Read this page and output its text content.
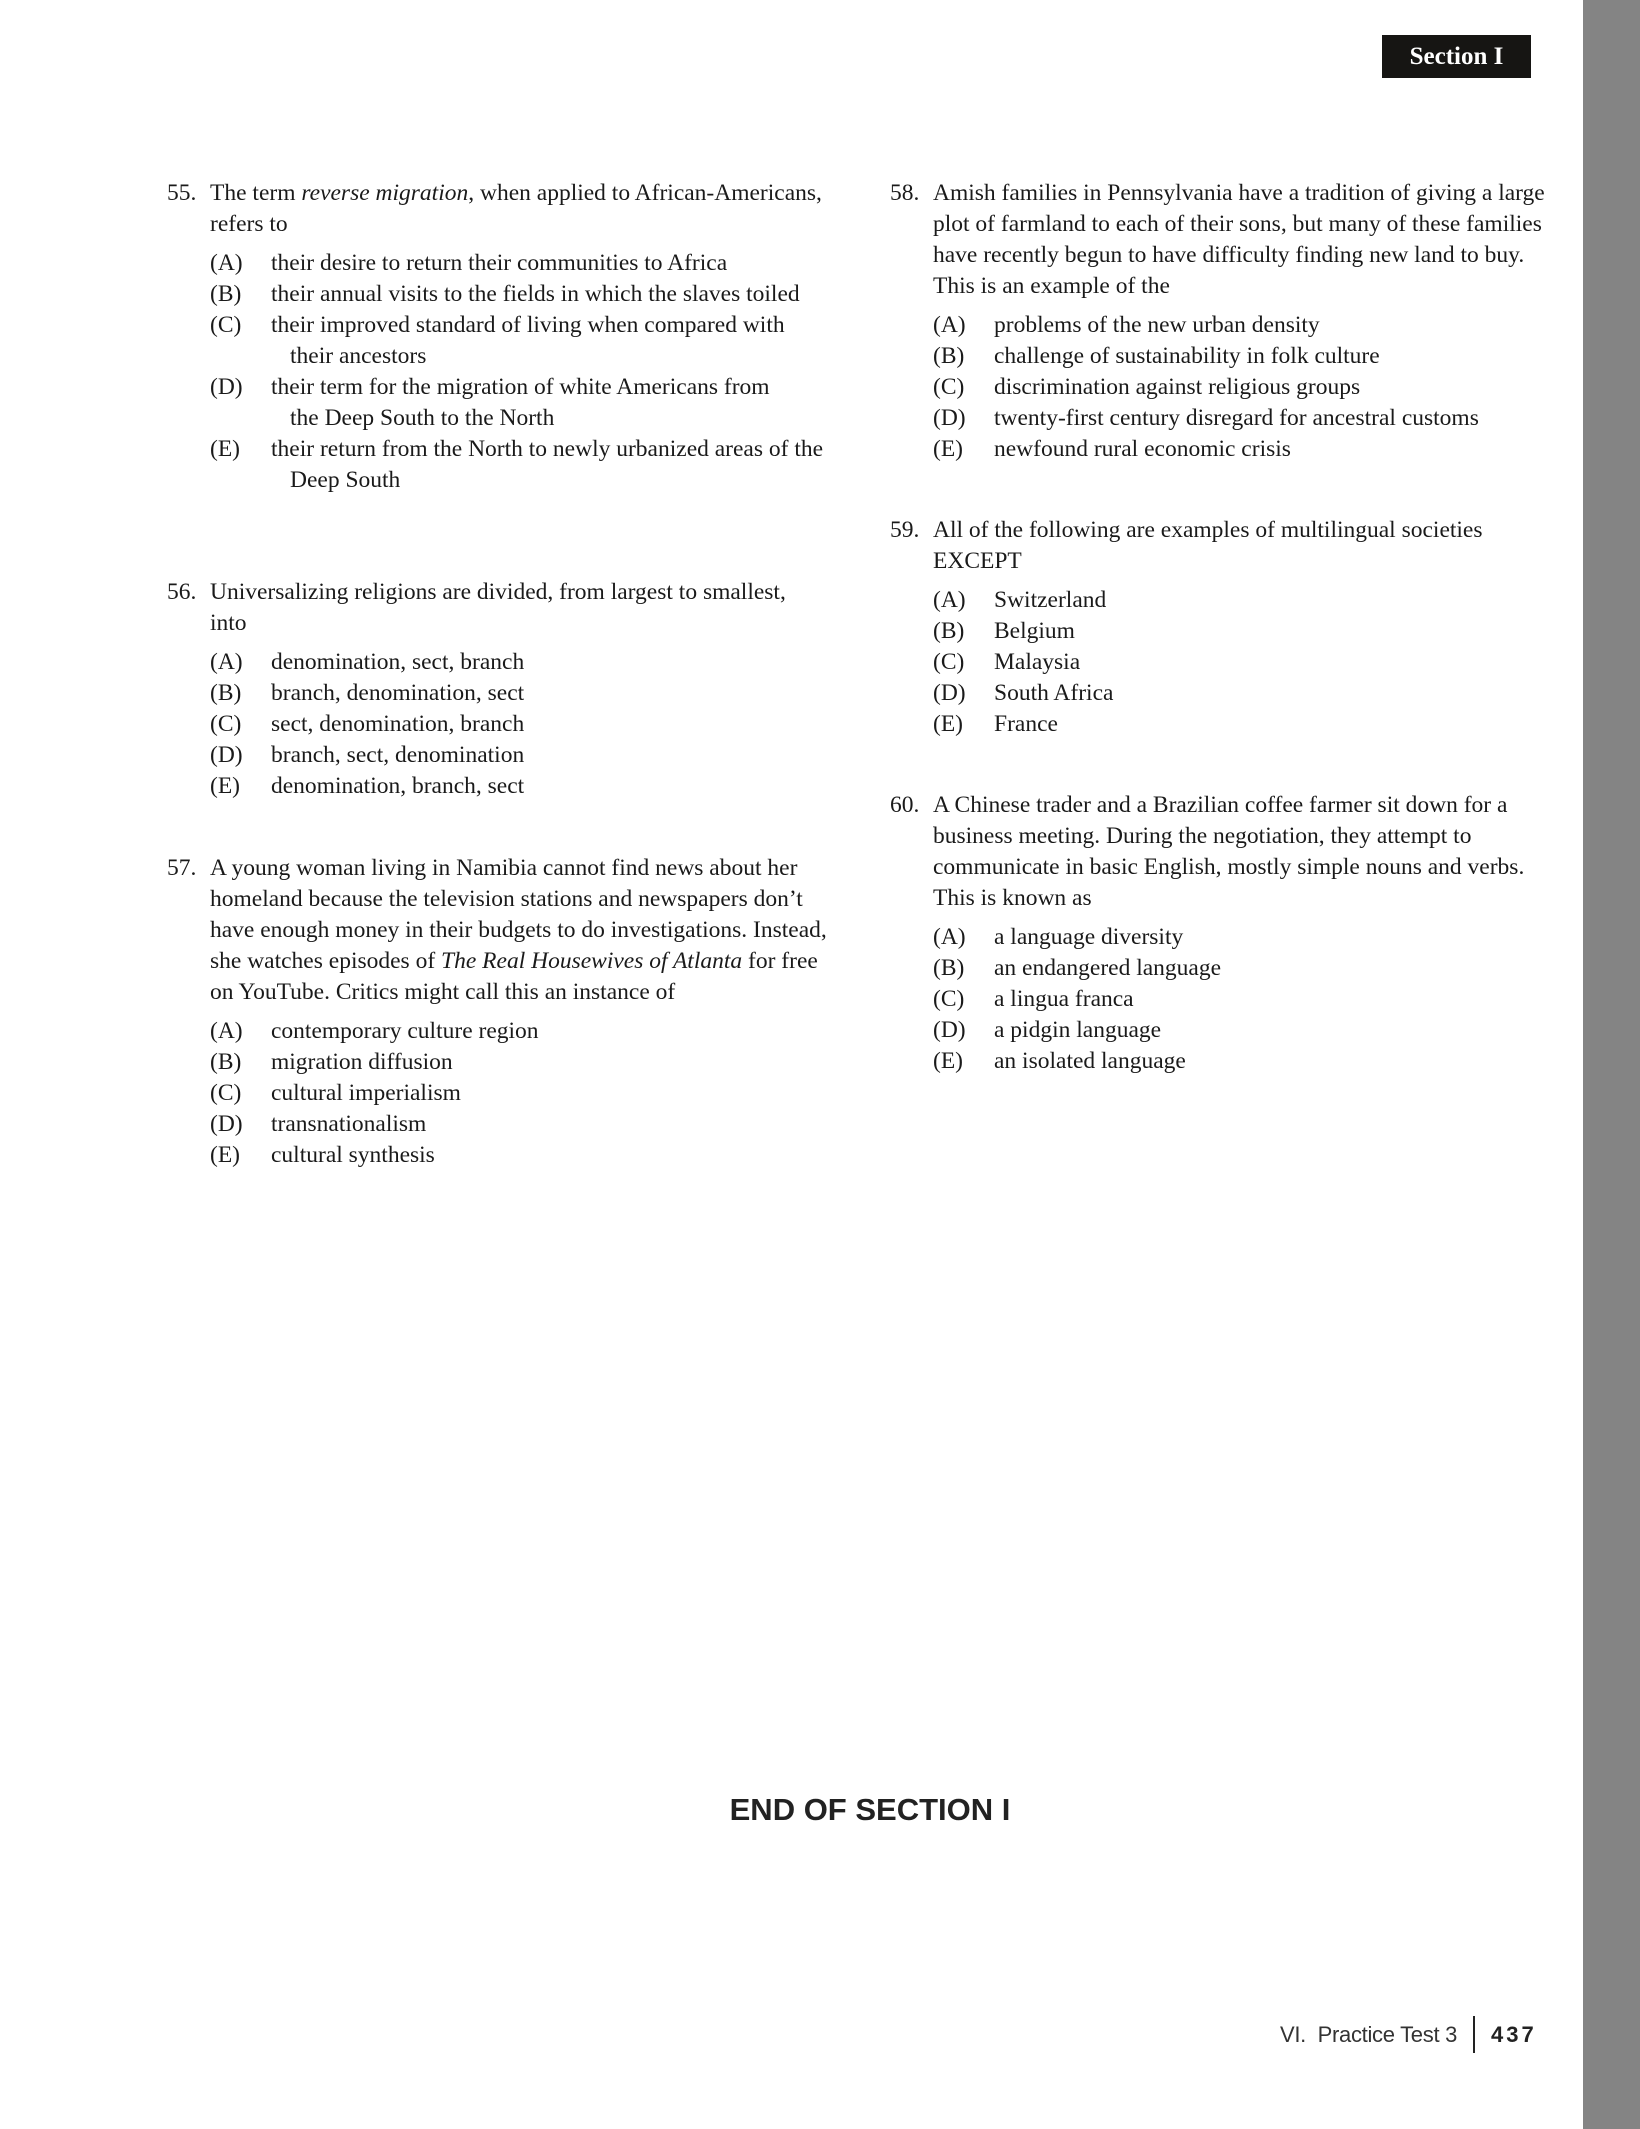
Section I
55. The term reverse migration, when applied to African-Americans, refers to
(A) their desire to return their communities to Africa
(B) their annual visits to the fields in which the slaves toiled
(C) their improved standard of living when compared with their ancestors
(D) their term for the migration of white Americans from the Deep South to the North
(E) their return from the North to newly urbanized areas of the Deep South
56. Universalizing religions are divided, from largest to smallest, into
(A) denomination, sect, branch
(B) branch, denomination, sect
(C) sect, denomination, branch
(D) branch, sect, denomination
(E) denomination, branch, sect
57. A young woman living in Namibia cannot find news about her homeland because the television stations and newspapers don’t have enough money in their budgets to do investigations. Instead, she watches episodes of The Real Housewives of Atlanta for free on YouTube. Critics might call this an instance of
(A) contemporary culture region
(B) migration diffusion
(C) cultural imperialism
(D) transnationalism
(E) cultural synthesis
58. Amish families in Pennsylvania have a tradition of giving a large plot of farmland to each of their sons, but many of these families have recently begun to have difficulty finding new land to buy. This is an example of the
(A) problems of the new urban density
(B) challenge of sustainability in folk culture
(C) discrimination against religious groups
(D) twenty-first century disregard for ancestral customs
(E) newfound rural economic crisis
59. All of the following are examples of multilingual societies EXCEPT
(A) Switzerland
(B) Belgium
(C) Malaysia
(D) South Africa
(E) France
60. A Chinese trader and a Brazilian coffee farmer sit down for a business meeting. During the negotiation, they attempt to communicate in basic English, mostly simple nouns and verbs. This is known as
(A) a language diversity
(B) an endangered language
(C) a lingua franca
(D) a pidgin language
(E) an isolated language
END OF SECTION I
VI.  Practice Test 3 437
